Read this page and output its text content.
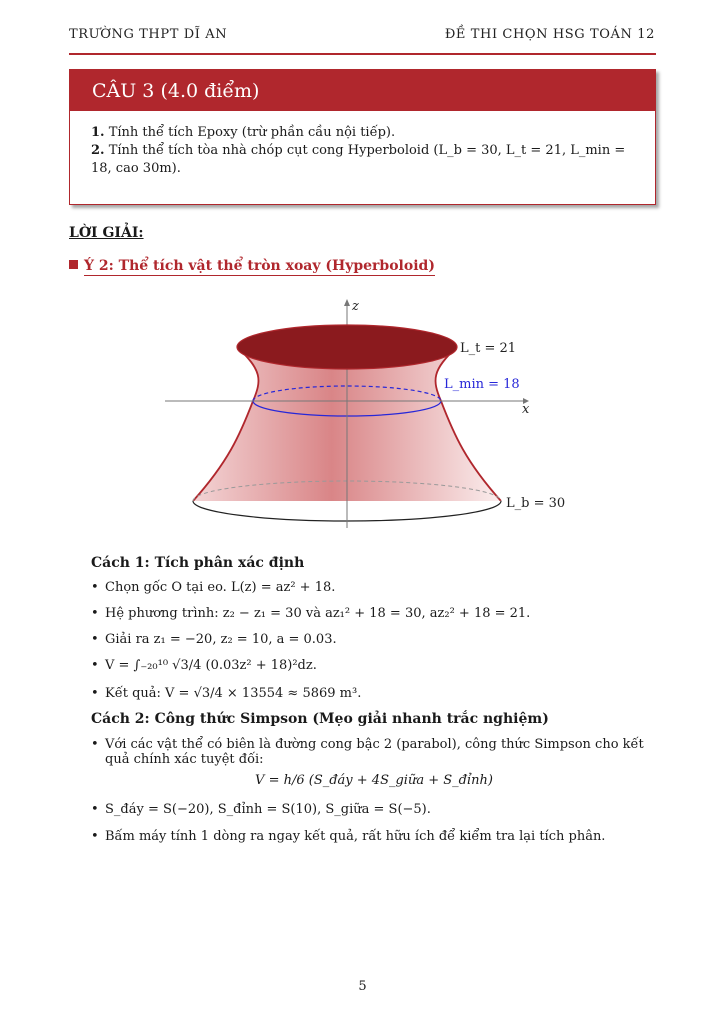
TRƯỜNG THPT DĨ AN	ĐỀ THI CHỌN HSG TOÁN 12
CÂU 3 (4.0 điểm)

1. Tính thể tích Epoxy (trừ phần cầu nội tiếp).

2. Tính thể tích tòa nhà chóp cụt cong Hyperboloid (L_b = 30, L_t = 21, L_min = 18, cao 30m).

LỜI GIẢI:
Ý 2: Thể tích vật thể tròn xoay (Hyperboloid)
z
x
L_t = 21
L_min = 18
L_b = 30

Cách 1: Tích phân xác định

• Chọn gốc O tại eo. L(z) = az² + 18.
• Hệ phương trình: z₂ − z₁ = 30 và az₁² + 18 = 30, az₂² + 18 = 21.
• Giải ra z₁ = −20, z₂ = 10, a = 0.03.
• V = ∫₋₂₀¹⁰ √3/4 (0.03z² + 18)²dz.
• Kết quả: V = √3/4 × 13554 ≈ 5869 m³.

Cách 2: Công thức Simpson (Mẹo giải nhanh trắc nghiệm)

• Với các vật thể có biên là đường cong bậc 2 (parabol), công thức Simpson cho kết quả chính xác tuyệt đối:
V = h/6 (S_đáy + 4S_giữa + S_đỉnh)
• S_đáy = S(−20), S_đỉnh = S(10), S_giữa = S(−5).
• Bấm máy tính 1 dòng ra ngay kết quả, rất hữu ích để kiểm tra lại tích phân.
5
